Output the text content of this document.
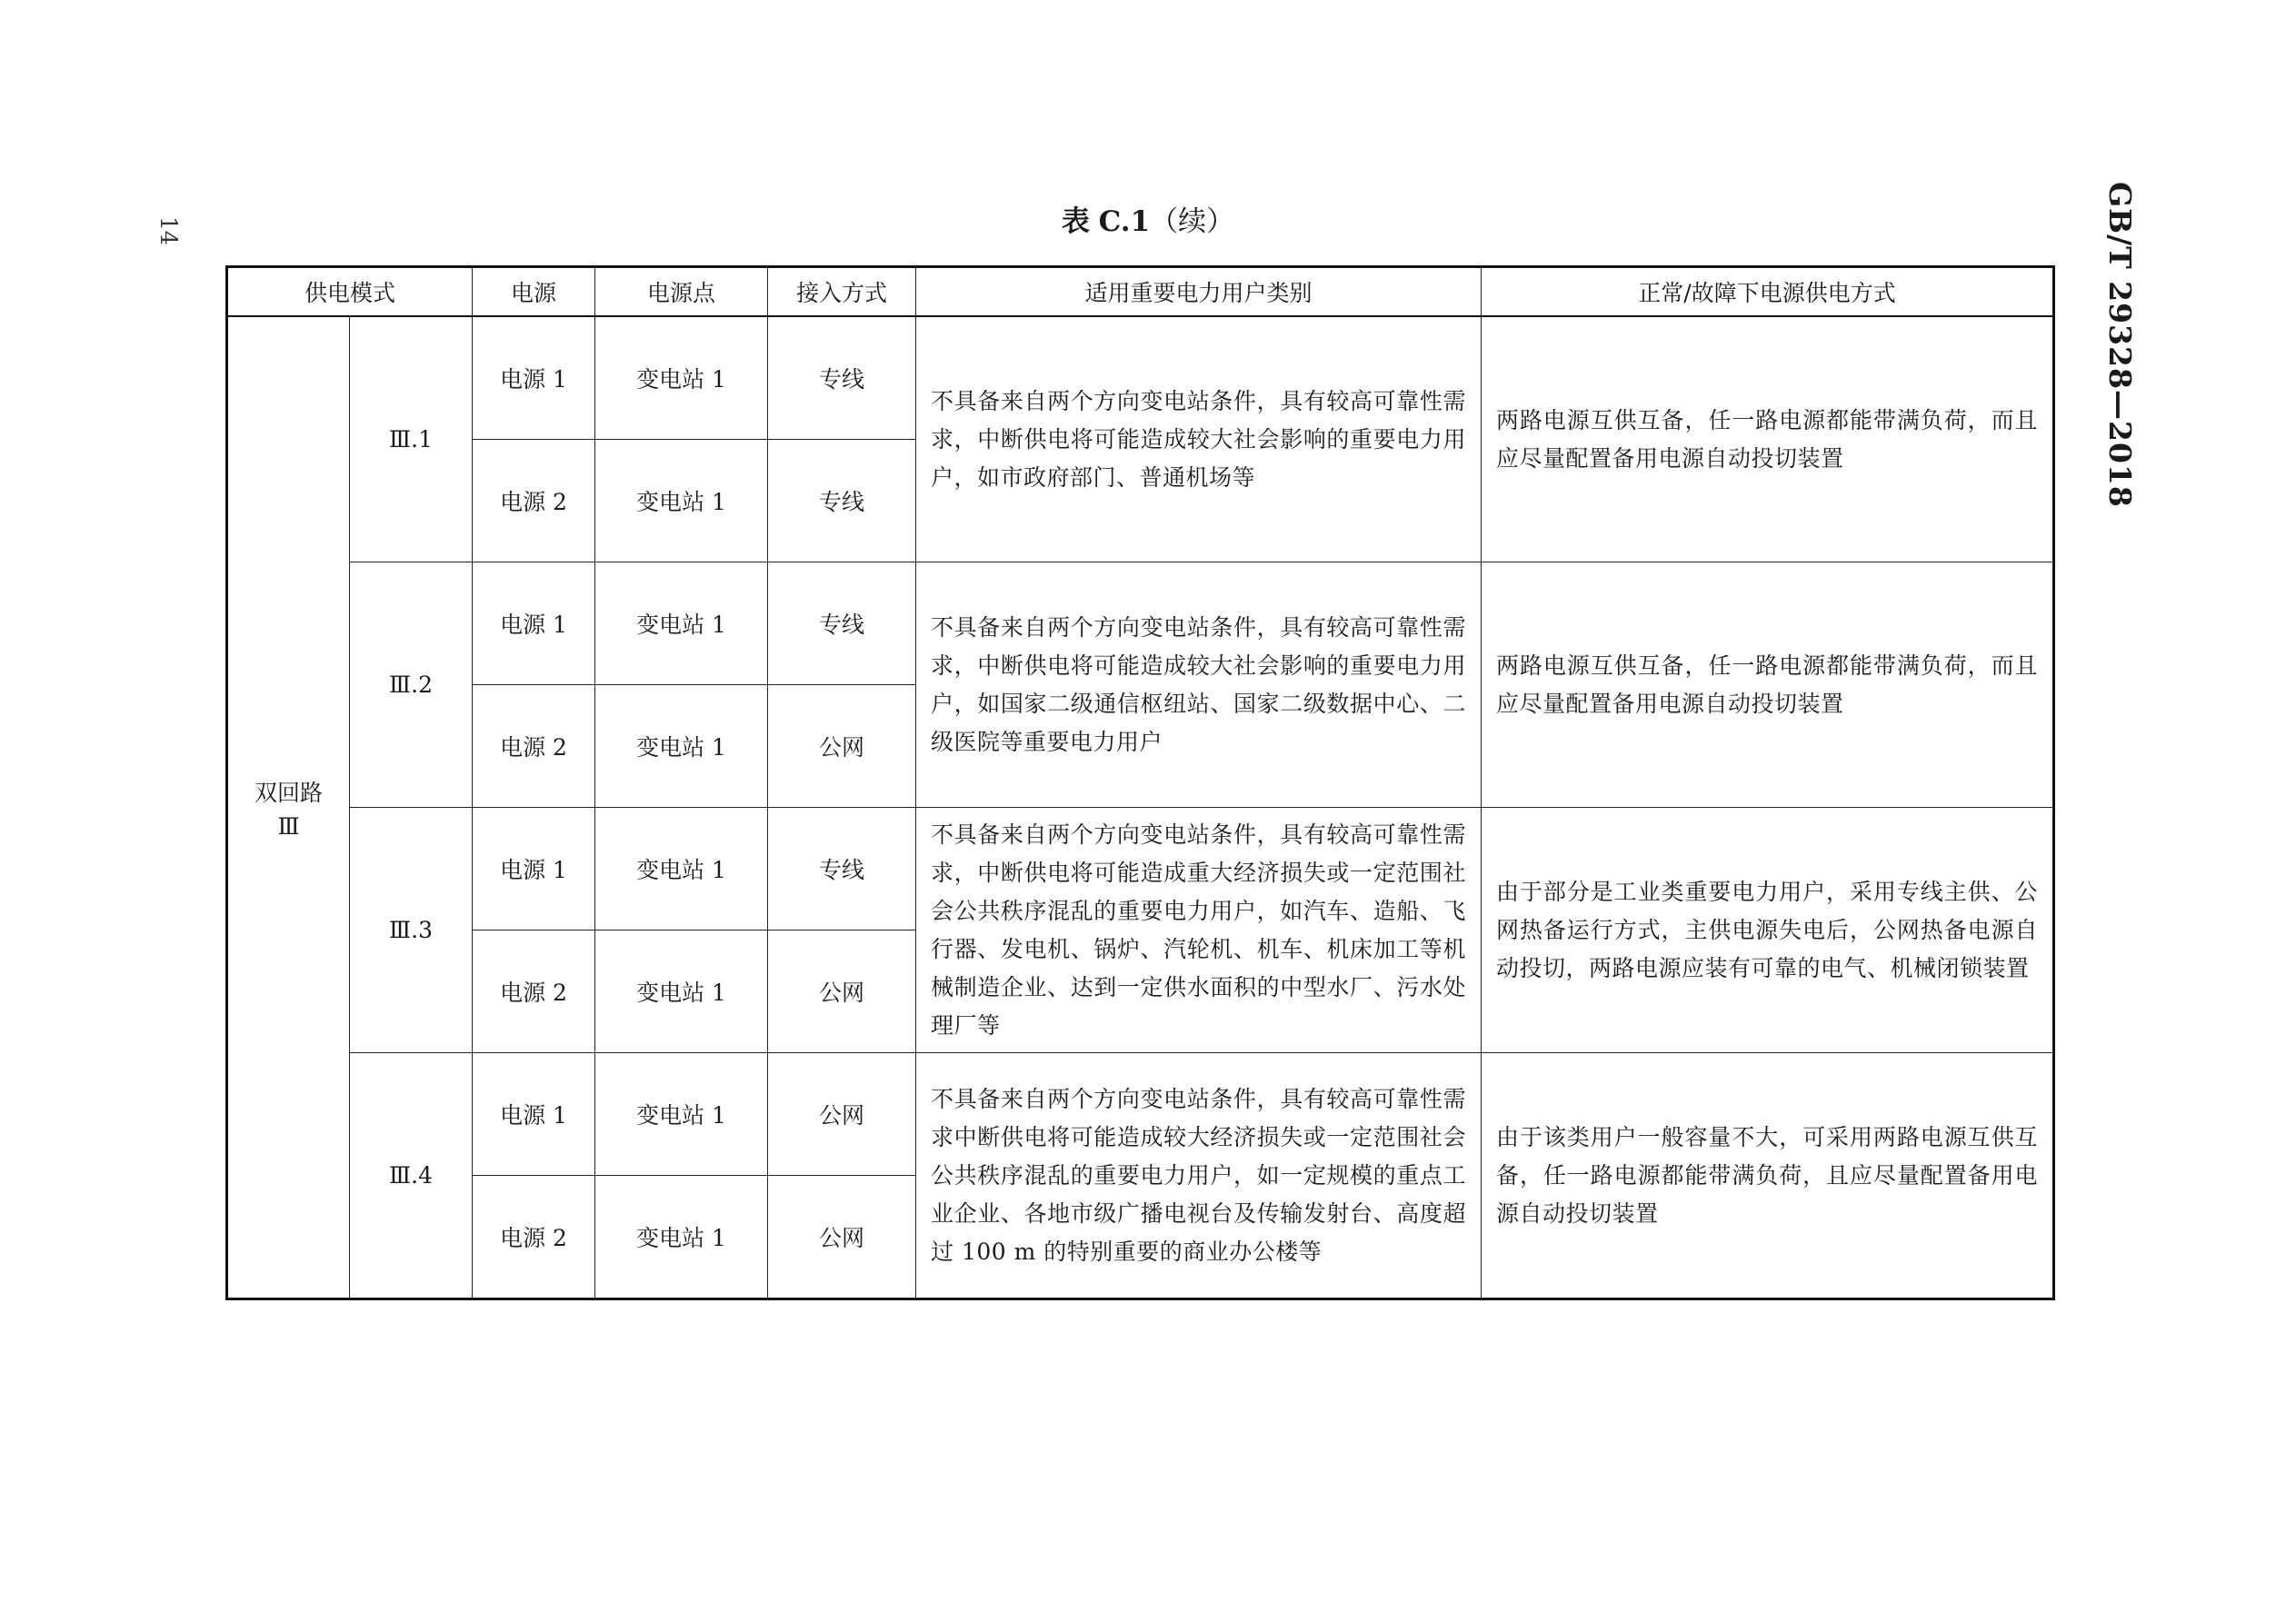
14	GB/T 29328—2018
表 C.1（续）
供电模式		电源	电源点	接入方式	适用重要电力用户类别	正常/故障下电源供电方式

双回路
Ⅲ	Ⅲ.1	电源 1	变电站 1	专线	不具备来自两个方向变电站条件，具有较高可靠性需求，中断供电将可能造成较大社会影响的重要电力用户，如市政府部门、普通机场等	两路电源互供互备，任一路电源都能带满负荷，而且应尽量配置备用电源自动投切装置
		电源 2	变电站 1	专线		
	Ⅲ.2	电源 1	变电站 1	专线	不具备来自两个方向变电站条件，具有较高可靠性需求，中断供电将可能造成较大社会影响的重要电力用户，如国家二级通信枢纽站、国家二级数据中心、二级医院等重要电力用户	两路电源互供互备，任一路电源都能带满负荷，而且应尽量配置备用电源自动投切装置
		电源 2	变电站 1	公网		
	Ⅲ.3	电源 1	变电站 1	专线	不具备来自两个方向变电站条件，具有较高可靠性需求，中断供电将可能造成重大经济损失或一定范围社会公共秩序混乱的重要电力用户，如汽车、造船、飞行器、发电机、锅炉、汽轮机、机车、机床加工等机械制造企业、达到一定供水面积的中型水厂、污水处理厂等	由于部分是工业类重要电力用户，采用专线主供、公网热备运行方式，主供电源失电后，公网热备电源自动投切，两路电源应装有可靠的电气、机械闭锁装置
		电源 2	变电站 1	公网		
	Ⅲ.4	电源 1	变电站 1	公网	不具备来自两个方向变电站条件，具有较高可靠性需求中断供电将可能造成较大经济损失或一定范围社会公共秩序混乱的重要电力用户，如一定规模的重点工业企业、各地市级广播电视台及传输发射台、高度超过 100 m 的特别重要的商业办公楼等	由于该类用户一般容量不大，可采用两路电源互供互备，任一路电源都能带满负荷，且应尽量配置备用电源自动投切装置
		电源 2	变电站 1	公网		
